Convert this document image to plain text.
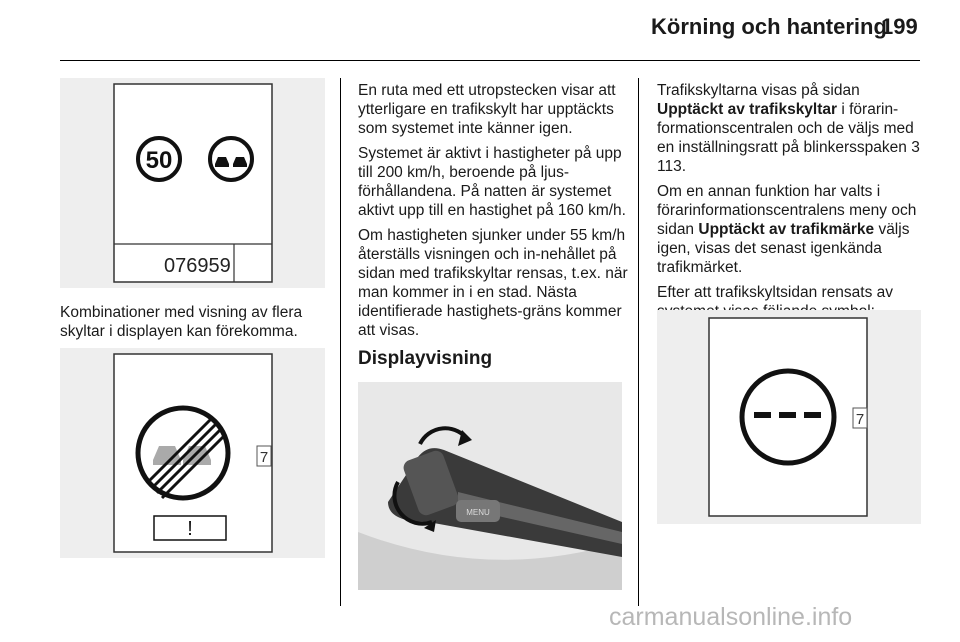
Körning och hantering
199
50
076959
Kombinationer med visning av flera skyltar i displayen kan förekomma.
!
7

En ruta med ett utropstecken visar att ytterligare en trafikskylt har upptäckts som systemet inte känner igen.

Systemet är aktivt i hastigheter på upp till 200 km/h, beroende på ljus-förhållandena. På natten är systemet aktivt upp till en hastighet på 160 km/h.

Om hastigheten sjunker under 55 km/h återställs visningen och in-nehållet på sidan med trafikskyltar rensas, t.ex. när man kommer in i en stad. Nästa identifierade hastighets-gräns kommer att visas.

Displayvisning
MENU

Trafikskyltarna visas på sidan Upptäckt av trafikskyltar i förarin-formationscentralen och de väljs med en inställningsratt på blinkersspaken 3 113.

Om en annan funktion har valts i förarinformationscentralens meny och sidan Upptäckt av trafikmärke väljs igen, visas det senast igenkända trafikmärket.

Efter att trafikskyltsidan rensats av

7
carmanualsonline.info
